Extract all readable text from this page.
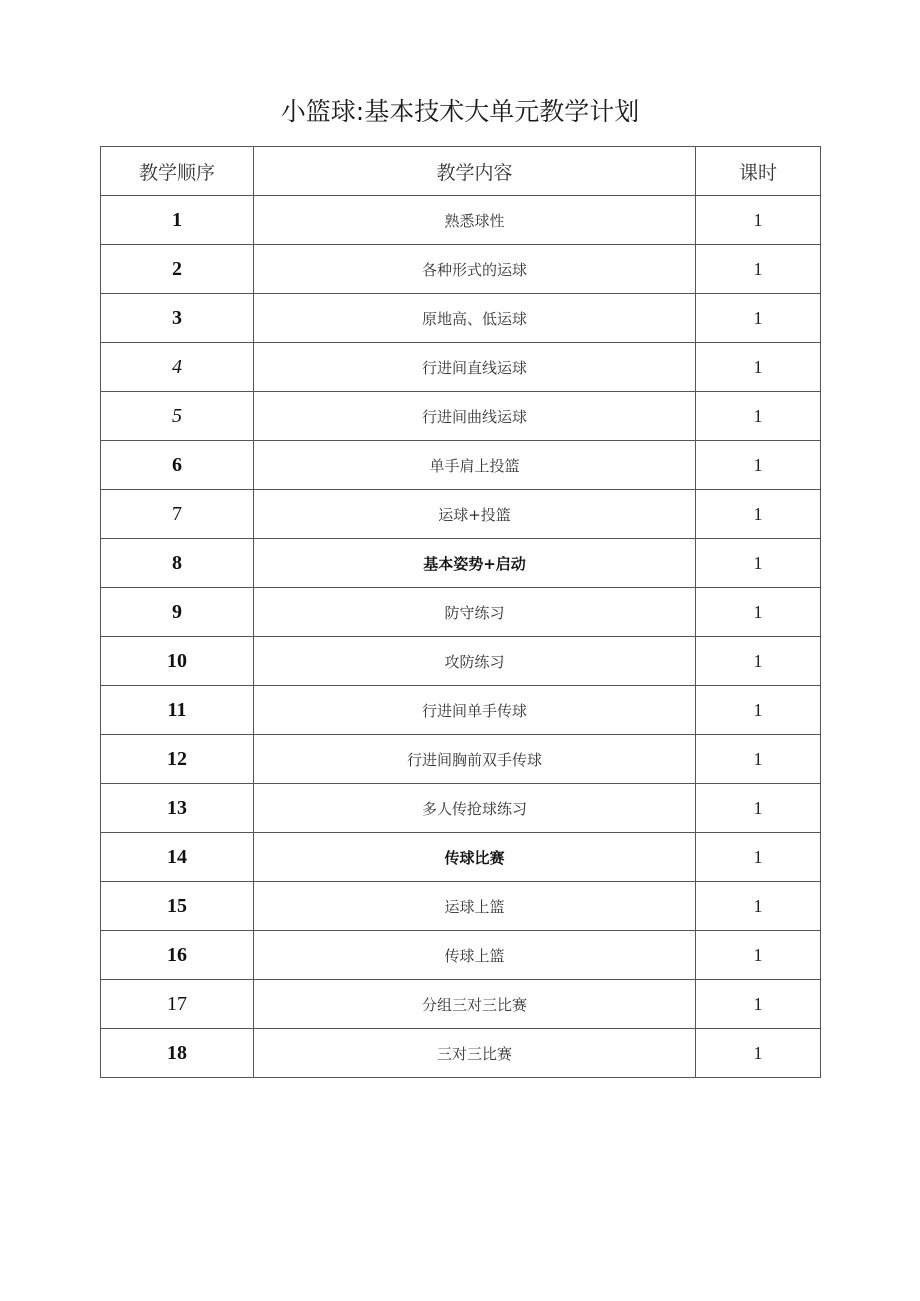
小篮球:基本技术大单元教学计划
教学顺序	教学内容	课时
1	熟悉球性	1
2	各种形式的运球	1
3	原地高、低运球	1
4	行进间直线运球	1
5	行进间曲线运球	1
6	单手肩上投篮	1
7	运球+投篮	1
8	基本姿势+启动	1
9	防守练习	1
10	攻防练习	1
11	行进间单手传球	1
12	行进间胸前双手传球	1
13	多人传抢球练习	1
14	传球比赛	1
15	运球上篮	1
16	传球上篮	1
17	分组三对三比赛	1
18	三对三比赛	1
